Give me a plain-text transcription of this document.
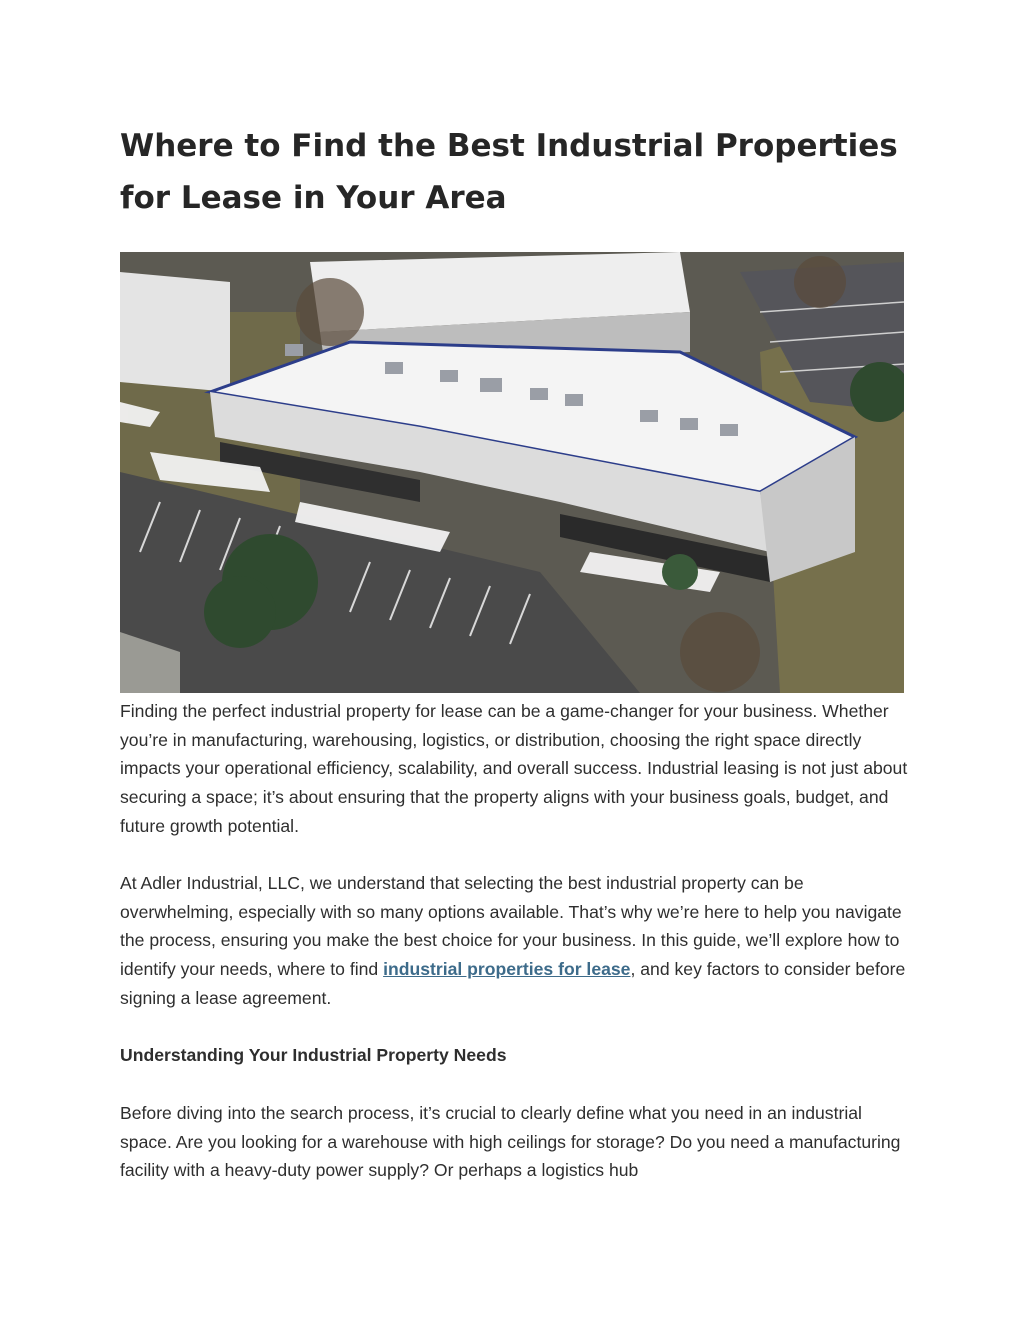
Where to Find the Best Industrial Properties for Lease in Your Area

Finding the perfect industrial property for lease can be a game-changer for your business. Whether you’re in manufacturing, warehousing, logistics, or distribution, choosing the right space directly impacts your operational efficiency, scalability, and overall success. Industrial leasing is not just about securing a space; it’s about ensuring that the property aligns with your business goals, budget, and future growth potential.

At Adler Industrial, LLC, we understand that selecting the best industrial property can be overwhelming, especially with so many options available. That’s why we’re here to help you navigate the process, ensuring you make the best choice for your business. In this guide, we’ll explore how to identify your needs, where to find industrial properties for lease, and key factors to consider before signing a lease agreement.

Understanding Your Industrial Property Needs

Before diving into the search process, it’s crucial to clearly define what you need in an industrial space. Are you looking for a warehouse with high ceilings for storage? Do you need a manufacturing facility with a heavy-duty power supply? Or perhaps a logistics hub
